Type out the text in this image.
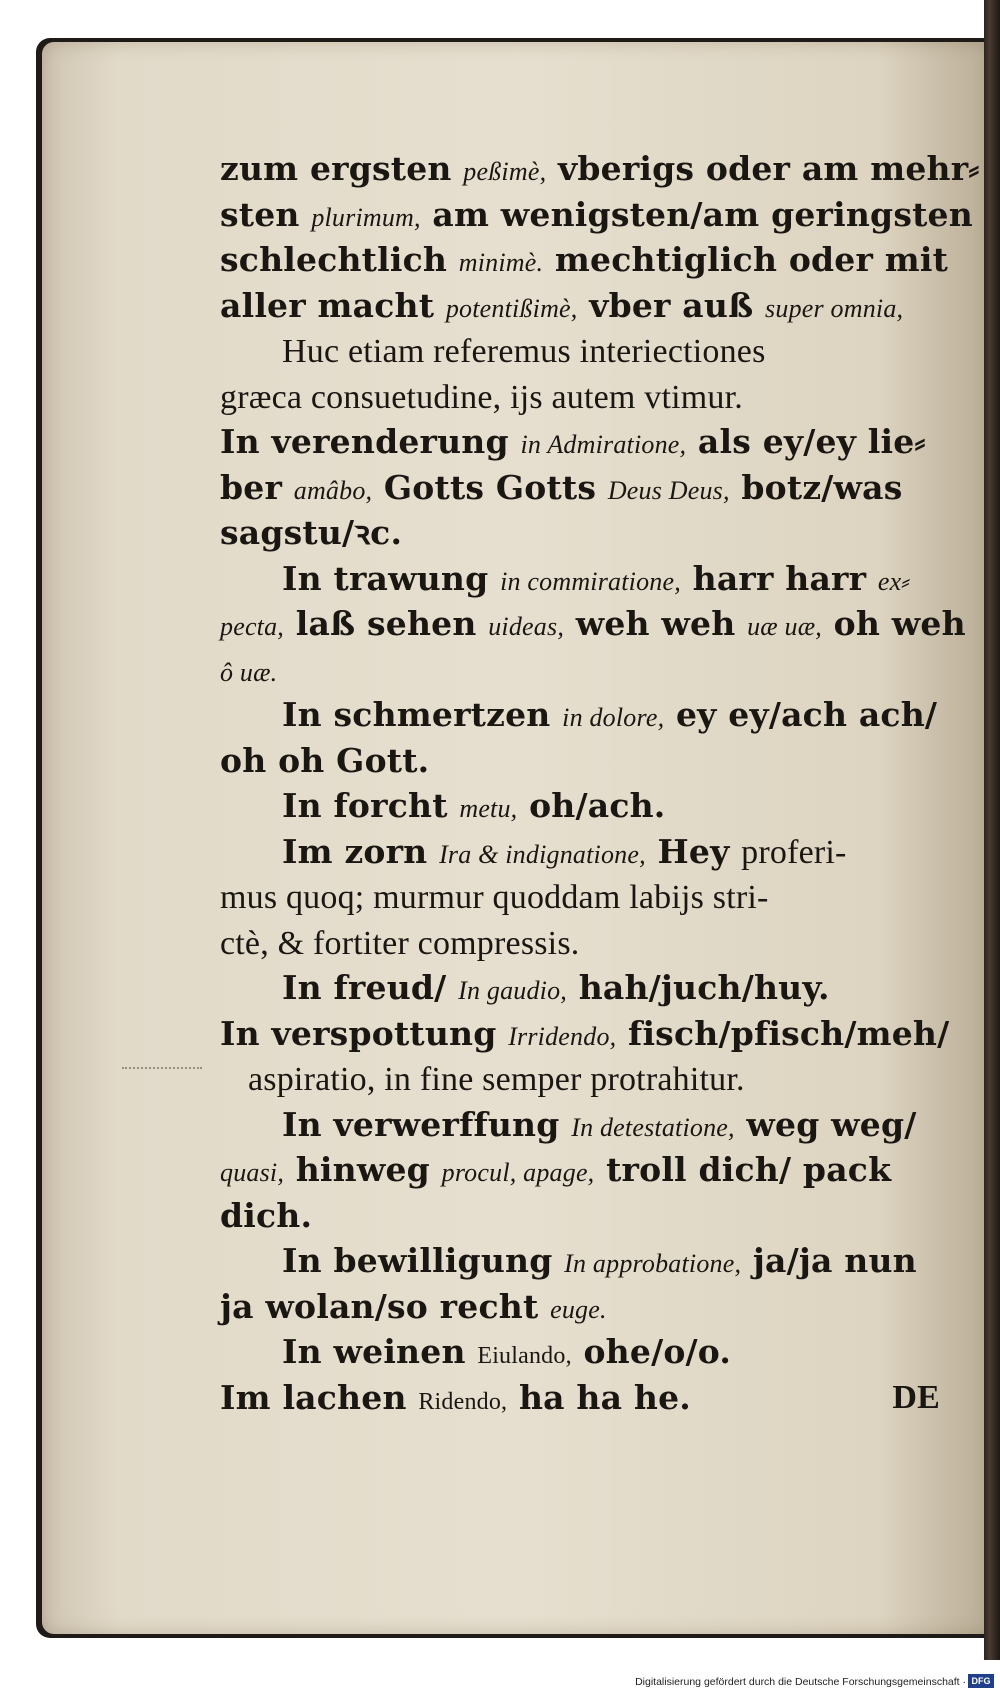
zum ergsten peßimè, vberigs oder am mehr⸗
sten plurimum, am wenigsten/am geringsten
schlechtlich minimè. mechtiglich oder mit
aller macht potentißimè, vber auß super omnia,
Huc etiam referemus interiectiones
græca consuetudine, ijs autem vtimur.
In verenderung in Admiratione, als ey/ey lie⸗
ber amâbo, Gotts Gotts Deus Deus, botz/was
sagstu/ꝛc.
In trawung in commiratione, harr harr ex⸗
pecta, laß sehen uideas, weh weh uæ uæ, oh weh
ô uæ.
In schmertzen in dolore, ey ey/ach ach/
oh oh Gott.
In forcht metu, oh/ach.
Im zorn Ira & indignatione, Hey proferi-
mus quoq; murmur quoddam labijs stri-
ctè, & fortiter compressis.
In freud/ In gaudio, hah/juch/huy.
In verspottung Irridendo, fisch/pfisch/meh/
aspiratio, in fine semper protrahitur.
In verwerffung In detestatione, weg weg/
quasi, hinweg procul, apage, troll dich/ pack
dich.
In bewilligung In approbatione, ja/ja nun
ja wolan/so recht euge.
In weinen Eiulando, ohe/o/o.
Im lachen Ridendo, ha ha he.	DE
Digitalisierung gefördert durch die Deutsche Forschungsgemeinschaft · DFG
